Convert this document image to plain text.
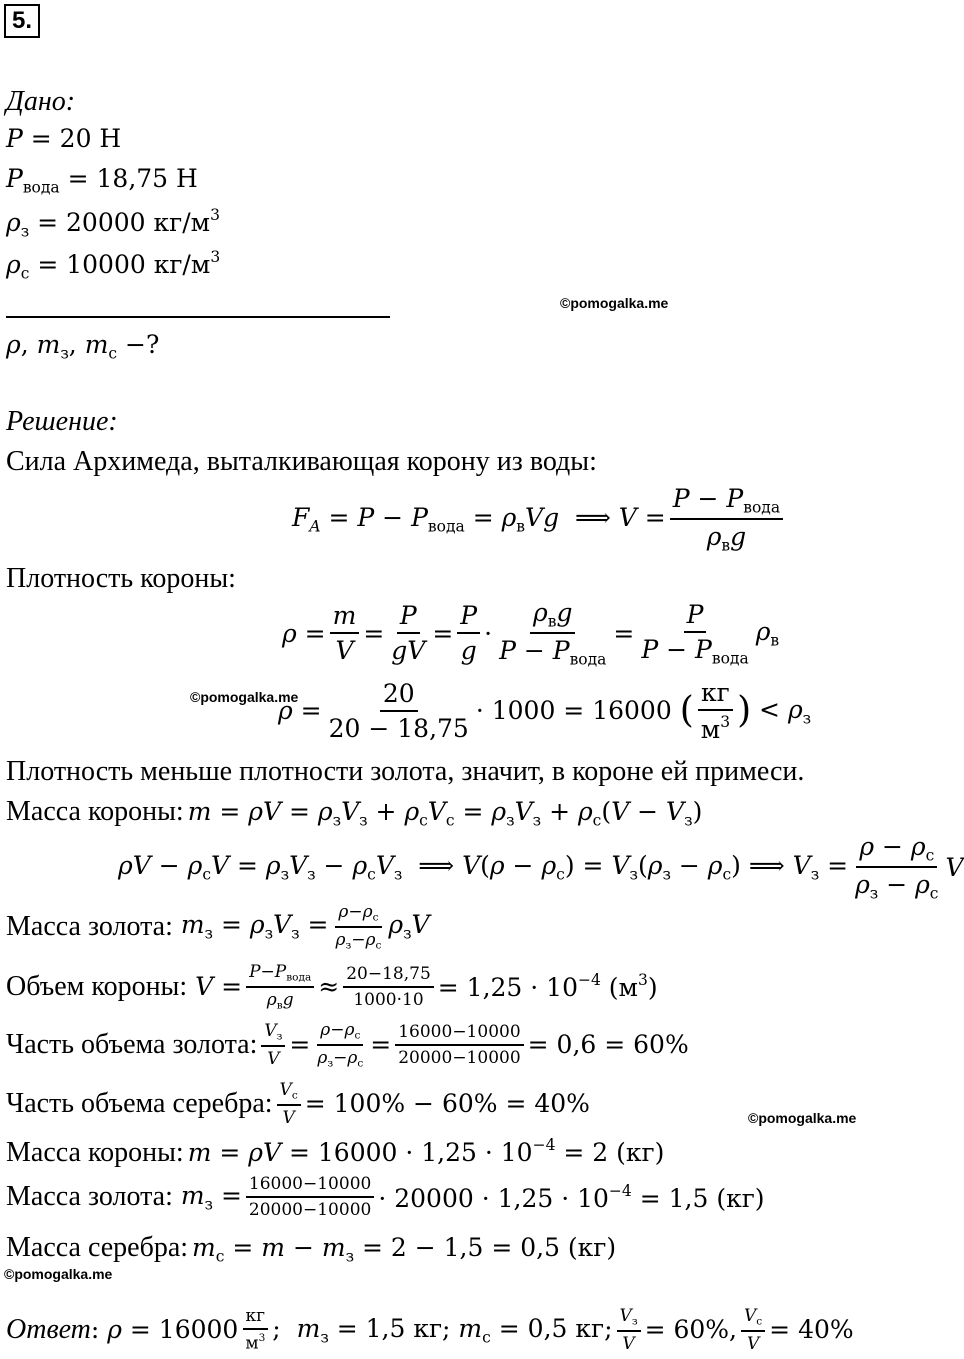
5.
Дано:
P = 20 Н
$P_{вода} = 18,75$ Н
$\rho_з = 20000$ $кг/м^3$
$\rho_с = 10000$ $кг/м^3$
ρ, $m_з$, $m_с$ −?
©pomogalka.me
©pomogalka.me
©pomogalka.me
©pomogalka.me
Решение:
Сила Архимеда, выталкивающая корону из воды:
$F_A = P - P_{вода} = \rho_вVg$  ⟹ V =
$P - P_{вода}$
$\rho_вg$
Плотность короны:
$\rho = \frac{m}{V} = \frac{P}{gV} = \frac{P}{g}$ ·
$\rho_вg$
$P - P_{вода}$
=
P
$P - P_{вода}$
$\rho_в$
$\rho = \frac{20}{20 - 18,75} \cdot 1000 = 16000$ ( кг
$м^3$ ) < $\rho_з$
Плотность меньше плотности золота, значит, в короне ей примеси.
Масса короны: $m = \rho V = \rho_зV_з + \rho_сV_с = \rho_зV_з + \rho_с(V - V_з)$
$\rho V - \rho_сV = \rho_зV_з - \rho_сV_з$  ⟹ $V(\rho - \rho_с) = V_з(\rho_з - \rho_с)$ ⟹ $V_з$ =
$\rho - \rho_с$
$\rho_з - \rho_с$
V
Масса золота: $m_з = \rho_зV_з = \rho-\rho_с$
$\rho_з-\rho_с$
$\rho_зV$
Объем короны: V =
$P-P_{вода}$
$\rho_вg \approx \frac{20-18,75}{1000\cdot 10} = 1,25 \cdot 10^{-4}$ $(м^3)$
Часть объема золота: $V_з$
V =
$\rho-\rho_с$
$\rho_з-\rho_с$
= $\frac{16000-10000}{20000-10000} = 0,6 = 60\%$
Часть объема серебра: $V_с$
V = 100% − 60% = 40%
Масса короны: $m = \rho V = 16000 \cdot 1,25 \cdot 10^{-4} = 2$ (кг)
Масса золота: $m_з = \frac{16000-10000}{20000-10000} \cdot 20000 \cdot 1,25 \cdot 10^{-4} = 1,5$ (кг)
Масса серебра: $m_с = m - m_з = 2 - 1,5 = 0,5$ (кг)
Ответ : ρ = 16000 кг
$м^3$ ;  $m_з = 1,5$ кг; $m_с = 0,5$ кг; $V_з$
V = 60%, $V_с$
V = 40%
